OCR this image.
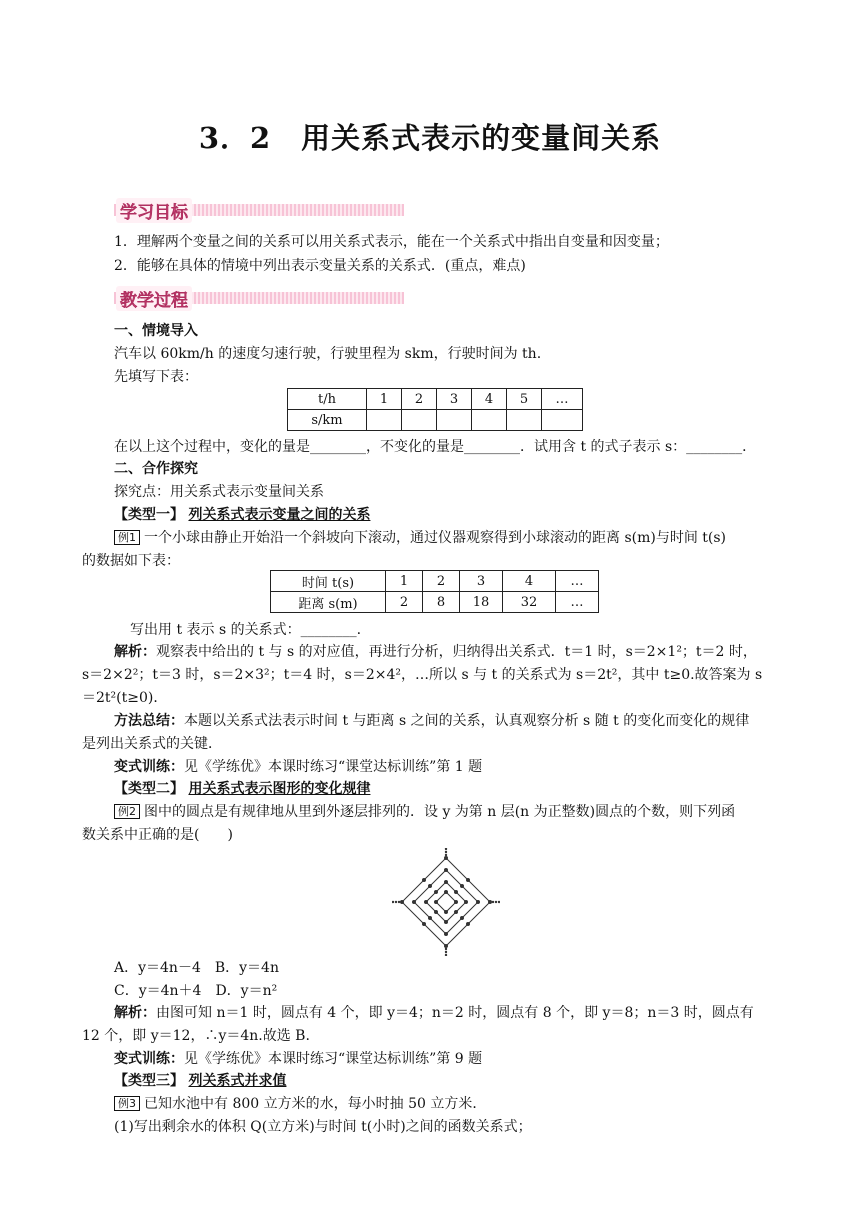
3．2　用关系式表示的变量间关系
学习目标
1．理解两个变量之间的关系可以用关系式表示，能在一个关系式中指出自变量和因变量；
2．能够在具体的情境中列出表示变量关系的关系式．(重点，难点)
教学过程
一、情境导入
汽车以 60km/h 的速度匀速行驶，行驶里程为 skm，行驶时间为 th.
先填写下表：
t/h	1	2	3	4	5	…
s/km						
在以上这个过程中，变化的量是________，不变化的量是________．试用含 t 的式子表示 s：________．
二、合作探究
探究点：用关系式表示变量间关系
【类型一】 列关系式表示变量之间的关系
例1 一个小球由静止开始沿一个斜坡向下滚动，通过仪器观察得到小球滚动的距离 s(m)与时间 t(s)
的数据如下表：
时间 t(s)	1	2	3	4	…
距离 s(m)	2	8	18	32	…
写出用 t 表示 s 的关系式：________.
解析：观察表中给出的 t 与 s 的对应值，再进行分析，归纳得出关系式．t＝1 时，s＝2×1²；t＝2 时，
s＝2×2²；t＝3 时，s＝2×3²；t＝4 时，s＝2×4²，…所以 s 与 t 的关系式为 s＝2t²，其中 t≥0.故答案为 s
＝2t²(t≥0)．
方法总结：本题以关系式法表示时间 t 与距离 s 之间的关系，认真观察分析 s 随 t 的变化而变化的规律
是列出关系式的关键．
变式训练：见《学练优》本课时练习“课堂达标训练”第 1 题
【类型二】 用关系式表示图形的变化规律
例2 图中的圆点是有规律地从里到外逐层排列的．设 y 为第 n 层(n 为正整数)圆点的个数，则下列函
数关系中正确的是(　　)
A．y＝4n－4　B．y＝4n
C．y＝4n＋4　D．y＝n²
解析：由图可知 n＝1 时，圆点有 4 个，即 y＝4；n＝2 时，圆点有 8 个，即 y＝8；n＝3 时，圆点有
12 个，即 y＝12，∴y＝4n.故选 B.
变式训练：见《学练优》本课时练习“课堂达标训练”第 9 题
【类型三】 列关系式并求值
例3 已知水池中有 800 立方米的水，每小时抽 50 立方米．
(1)写出剩余水的体积 Q(立方米)与时间 t(小时)之间的函数关系式；
